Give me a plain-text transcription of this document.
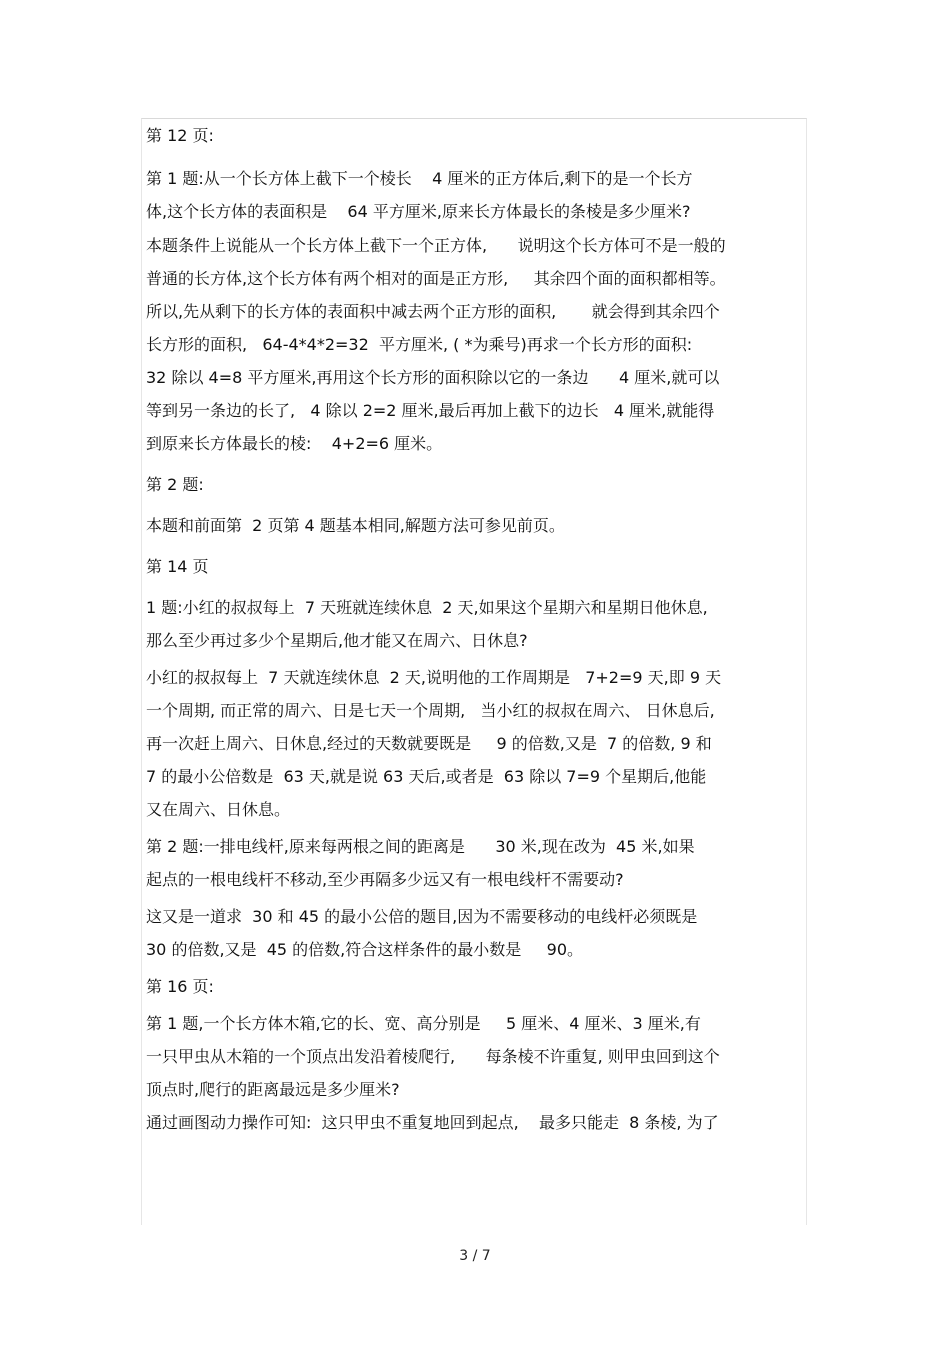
第 12 页:
第 1 题:从一个长方体上截下一个棱长    4 厘米的正方体后,剩下的是一个长方
体,这个长方体的表面积是    64 平方厘米,原来长方体最长的条棱是多少厘米?
本题条件上说能从一个长方体上截下一个正方体,      说明这个长方体可不是一般的
普通的长方体,这个长方体有两个相对的面是正方形,     其余四个面的面积都相等。
所以,先从剩下的长方体的表面积中减去两个正方形的面积,       就会得到其余四个
长方形的面积,   64-4*4*2=32  平方厘米, ( *为乘号)再求一个长方形的面积:
32 除以 4=8 平方厘米,再用这个长方形的面积除以它的一条边      4 厘米,就可以
等到另一条边的长了,   4 除以 2=2 厘米,最后再加上截下的边长   4 厘米,就能得
到原来长方体最长的棱:    4+2=6 厘米。
第 2 题:
本题和前面第  2 页第 4 题基本相同,解题方法可参见前页。
第 14 页
1 题:小红的叔叔每上  7 天班就连续休息  2 天,如果这个星期六和星期日他休息,
那么至少再过多少个星期后,他才能又在周六、日休息?
小红的叔叔每上  7 天就连续休息  2 天,说明他的工作周期是   7+2=9 天,即 9 天
一个周期, 而正常的周六、日是七天一个周期,   当小红的叔叔在周六、 日休息后,
再一次赶上周六、日休息,经过的天数就要既是     9 的倍数,又是  7 的倍数, 9 和
7 的最小公倍数是  63 天,就是说 63 天后,或者是  63 除以 7=9 个星期后,他能
又在周六、日休息。
第 2 题:一排电线杆,原来每两根之间的距离是      30 米,现在改为  45 米,如果
起点的一根电线杆不移动,至少再隔多少远又有一根电线杆不需要动?
这又是一道求  30 和 45 的最小公倍的题目,因为不需要移动的电线杆必须既是
30 的倍数,又是  45 的倍数,符合这样条件的最小数是     90。
第 16 页:
第 1 题,一个长方体木箱,它的长、宽、高分别是     5 厘米、4 厘米、3 厘米,有
一只甲虫从木箱的一个顶点出发沿着棱爬行,      每条棱不许重复, 则甲虫回到这个
顶点时,爬行的距离最远是多少厘米?
通过画图动力操作可知:  这只甲虫不重复地回到起点,    最多只能走  8 条棱, 为了
3 / 7
